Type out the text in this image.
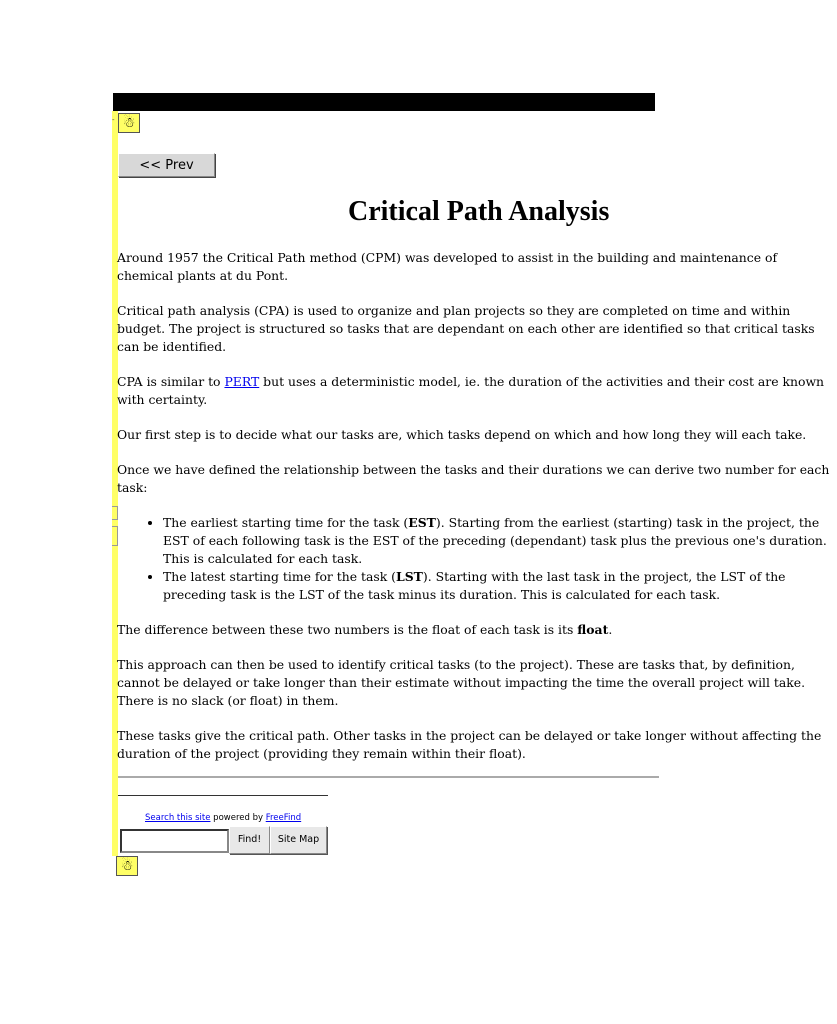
- ☃
<< Prev
Critical Path Analysis

Around 1957 the Critical Path method (CPM) was developed to assist in the building and maintenance of chemical plants at du Pont.

Critical path analysis (CPA) is used to organize and plan projects so they are completed on time and within budget. The project is structured so tasks that are dependant on each other are identified so that critical tasks can be identified.

CPA is similar to PERT but uses a deterministic model, ie. the duration of the activities and their cost are known with certainty.

Our first step is to decide what our tasks are, which tasks depend on which and how long they will each take.

Once we have defined the relationship between the tasks and their durations we can derive two number for each task:

• The earliest starting time for the task (EST). Starting from the earliest (starting) task in the project, the EST of each following task is the EST of the preceding (dependant) task plus the previous one's duration. This is calculated for each task.
• The latest starting time for the task (LST). Starting with the last task in the project, the LST of the preceding task is the LST of the task minus its duration. This is calculated for each task.

The difference between these two numbers is the float of each task is its float.

This approach can then be used to identify critical tasks (to the project). These are tasks that, by definition, cannot be delayed or take longer than their estimate without impacting the time the overall project will take. There is no slack (or float) in them.

These tasks give the critical path. Other tasks in the project can be delayed or take longer without affecting the duration of the project (providing they remain within their float).

Search this site powered by FreeFind
Find!	Site Map
☃
